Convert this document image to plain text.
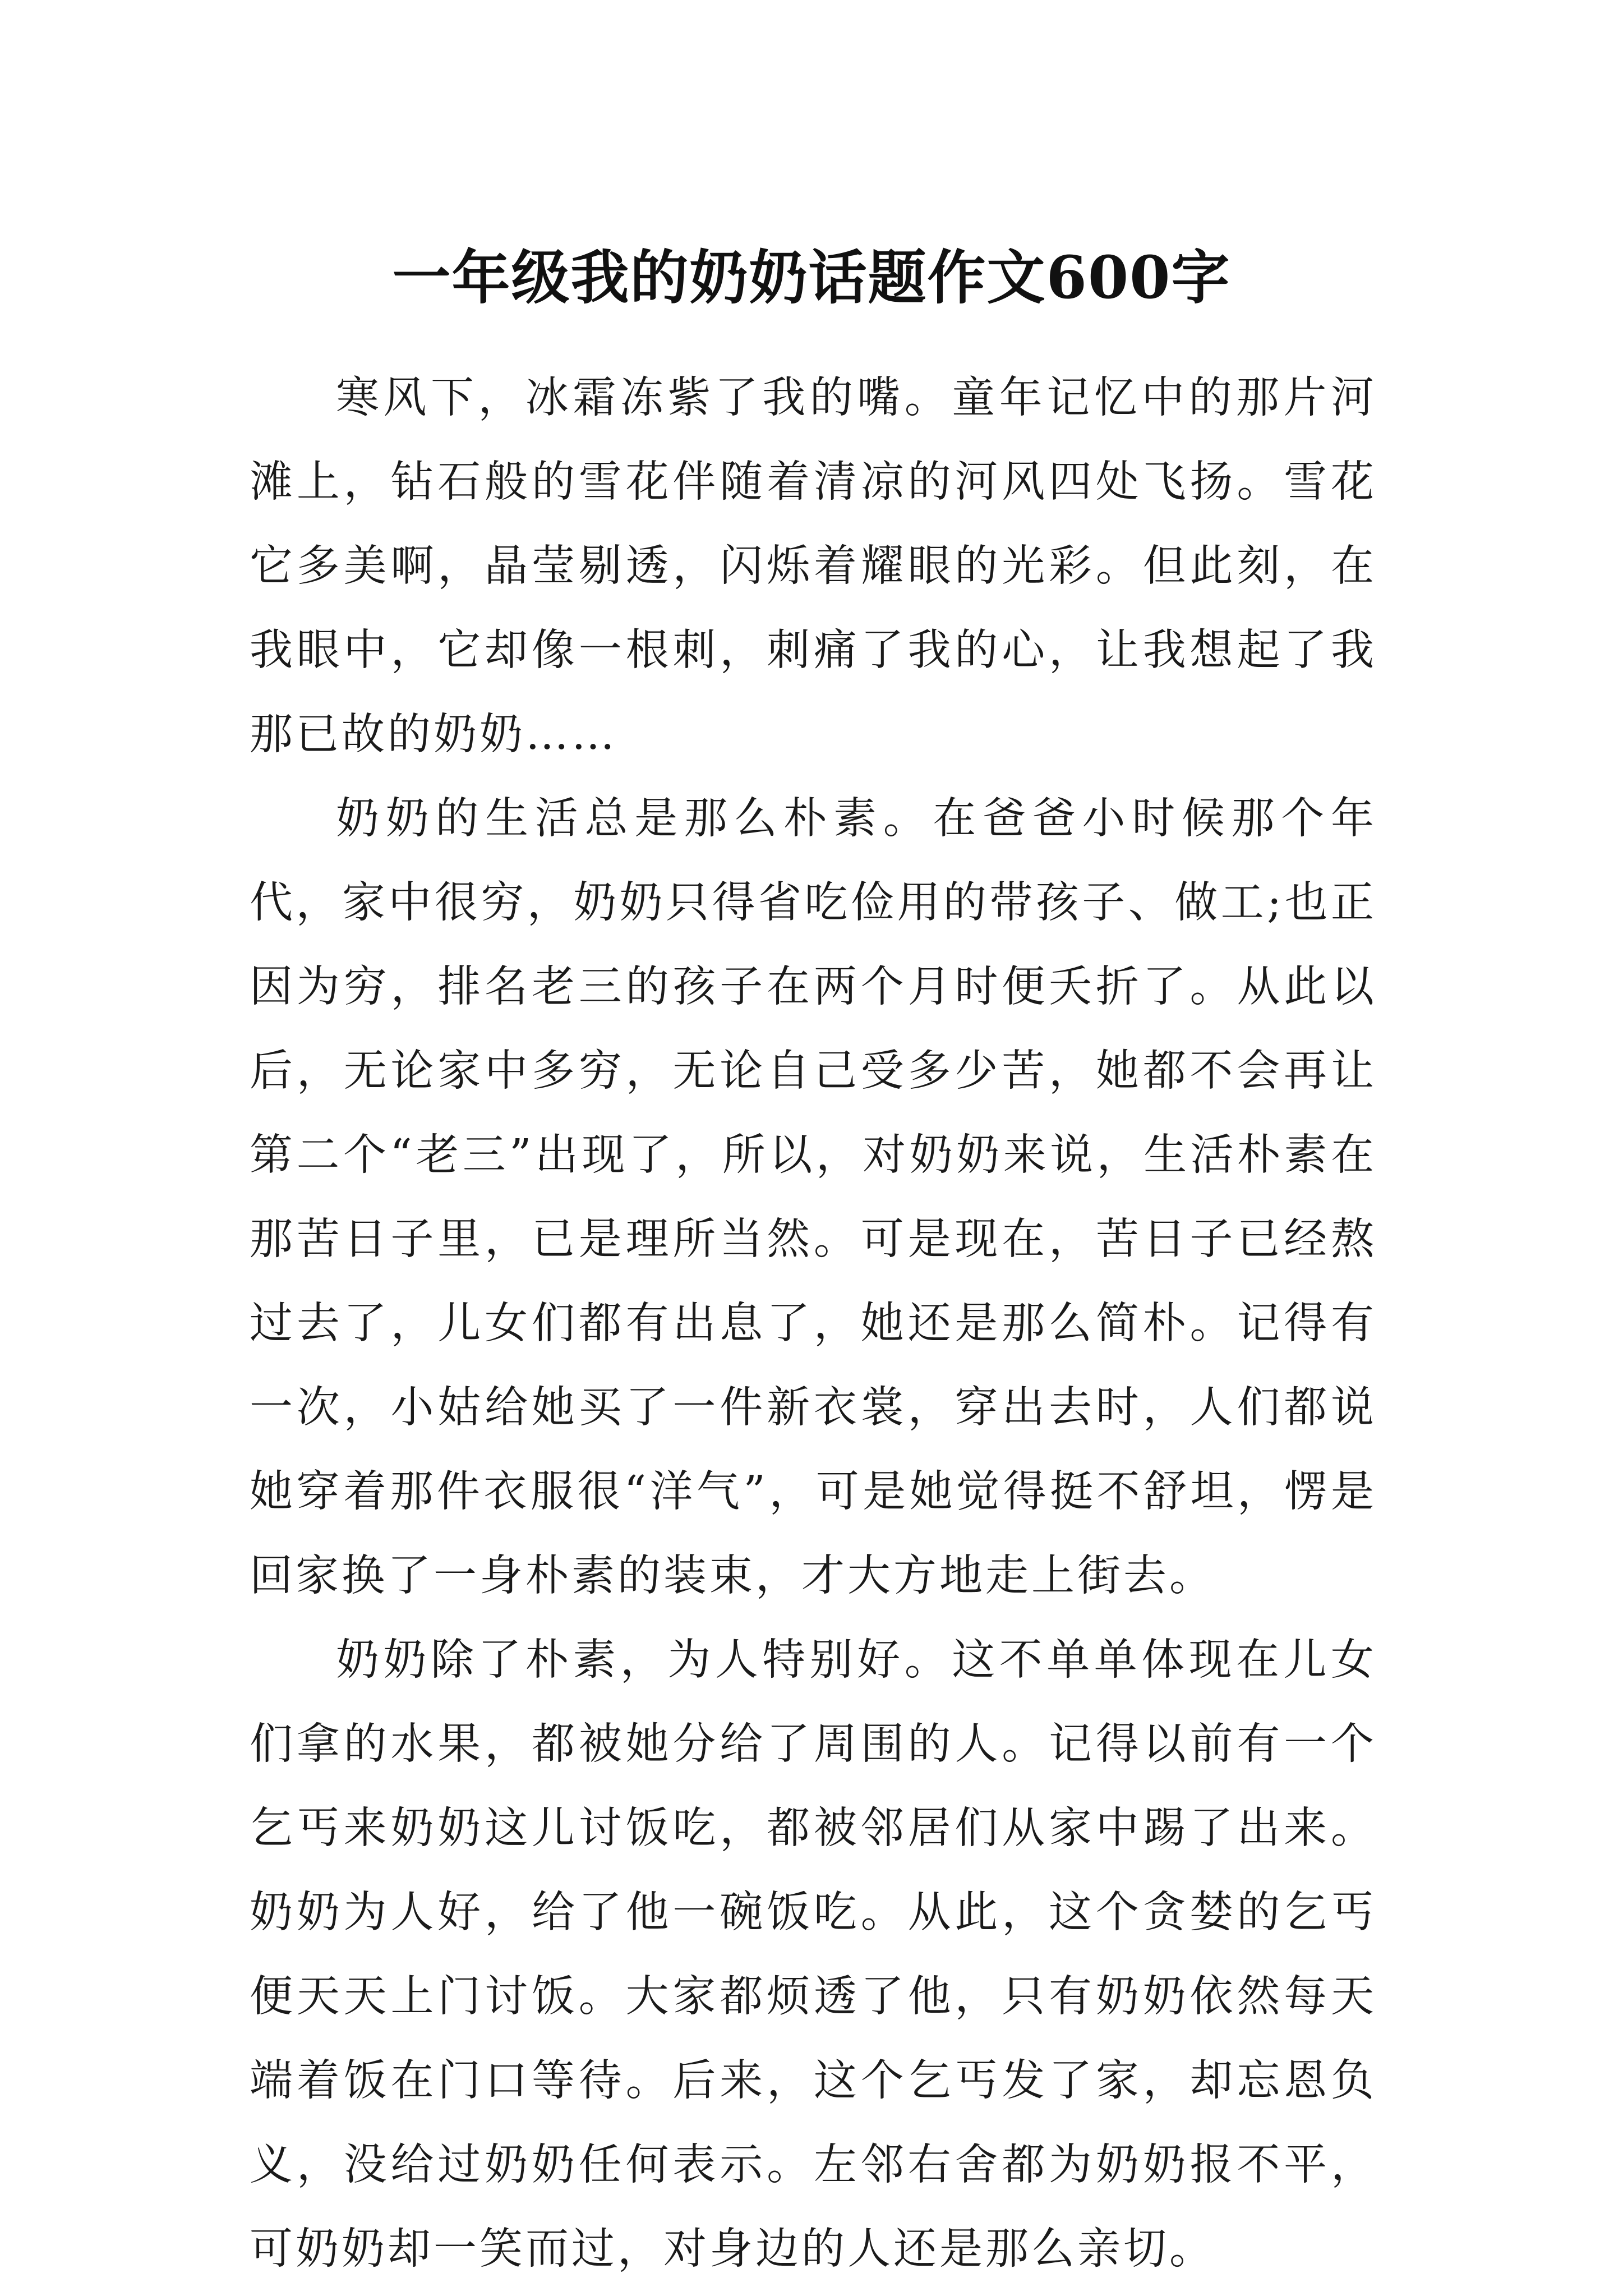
一年级我的奶奶话题作文600字

寒风下，冰霜冻紫了我的嘴。童年记忆中的那片河滩上，钻石般的雪花伴随着清凉的河风四处飞扬。雪花它多美啊，晶莹剔透，闪烁着耀眼的光彩。但此刻，在我眼中，它却像一根刺，刺痛了我的心，让我想起了我那已故的奶奶……

奶奶的生活总是那么朴素。在爸爸小时候那个年代，家中很穷，奶奶只得省吃俭用的带孩子、做工;也正因为穷，排名老三的孩子在两个月时便夭折了。从此以后，无论家中多穷，无论自己受多少苦，她都不会再让第二个“老三”出现了，所以，对奶奶来说，生活朴素在那苦日子里，已是理所当然。可是现在，苦日子已经熬过去了，儿女们都有出息了，她还是那么简朴。记得有一次，小姑给她买了一件新衣裳，穿出去时，人们都说她穿着那件衣服很“洋气”，可是她觉得挺不舒坦，愣是回家换了一身朴素的装束，才大方地走上街去。

奶奶除了朴素，为人特别好。这不单单体现在儿女们拿的水果，都被她分给了周围的人。记得以前有一个乞丐来奶奶这儿讨饭吃，都被邻居们从家中踢了出来。奶奶为人好，给了他一碗饭吃。从此，这个贪婪的乞丐便天天上门讨饭。大家都烦透了他，只有奶奶依然每天端着饭在门口等待。后来，这个乞丐发了家，却忘恩负义，没给过奶奶任何表示。左邻右舍都为奶奶报不平，可奶奶却一笑而过，对身边的人还是那么亲切。
